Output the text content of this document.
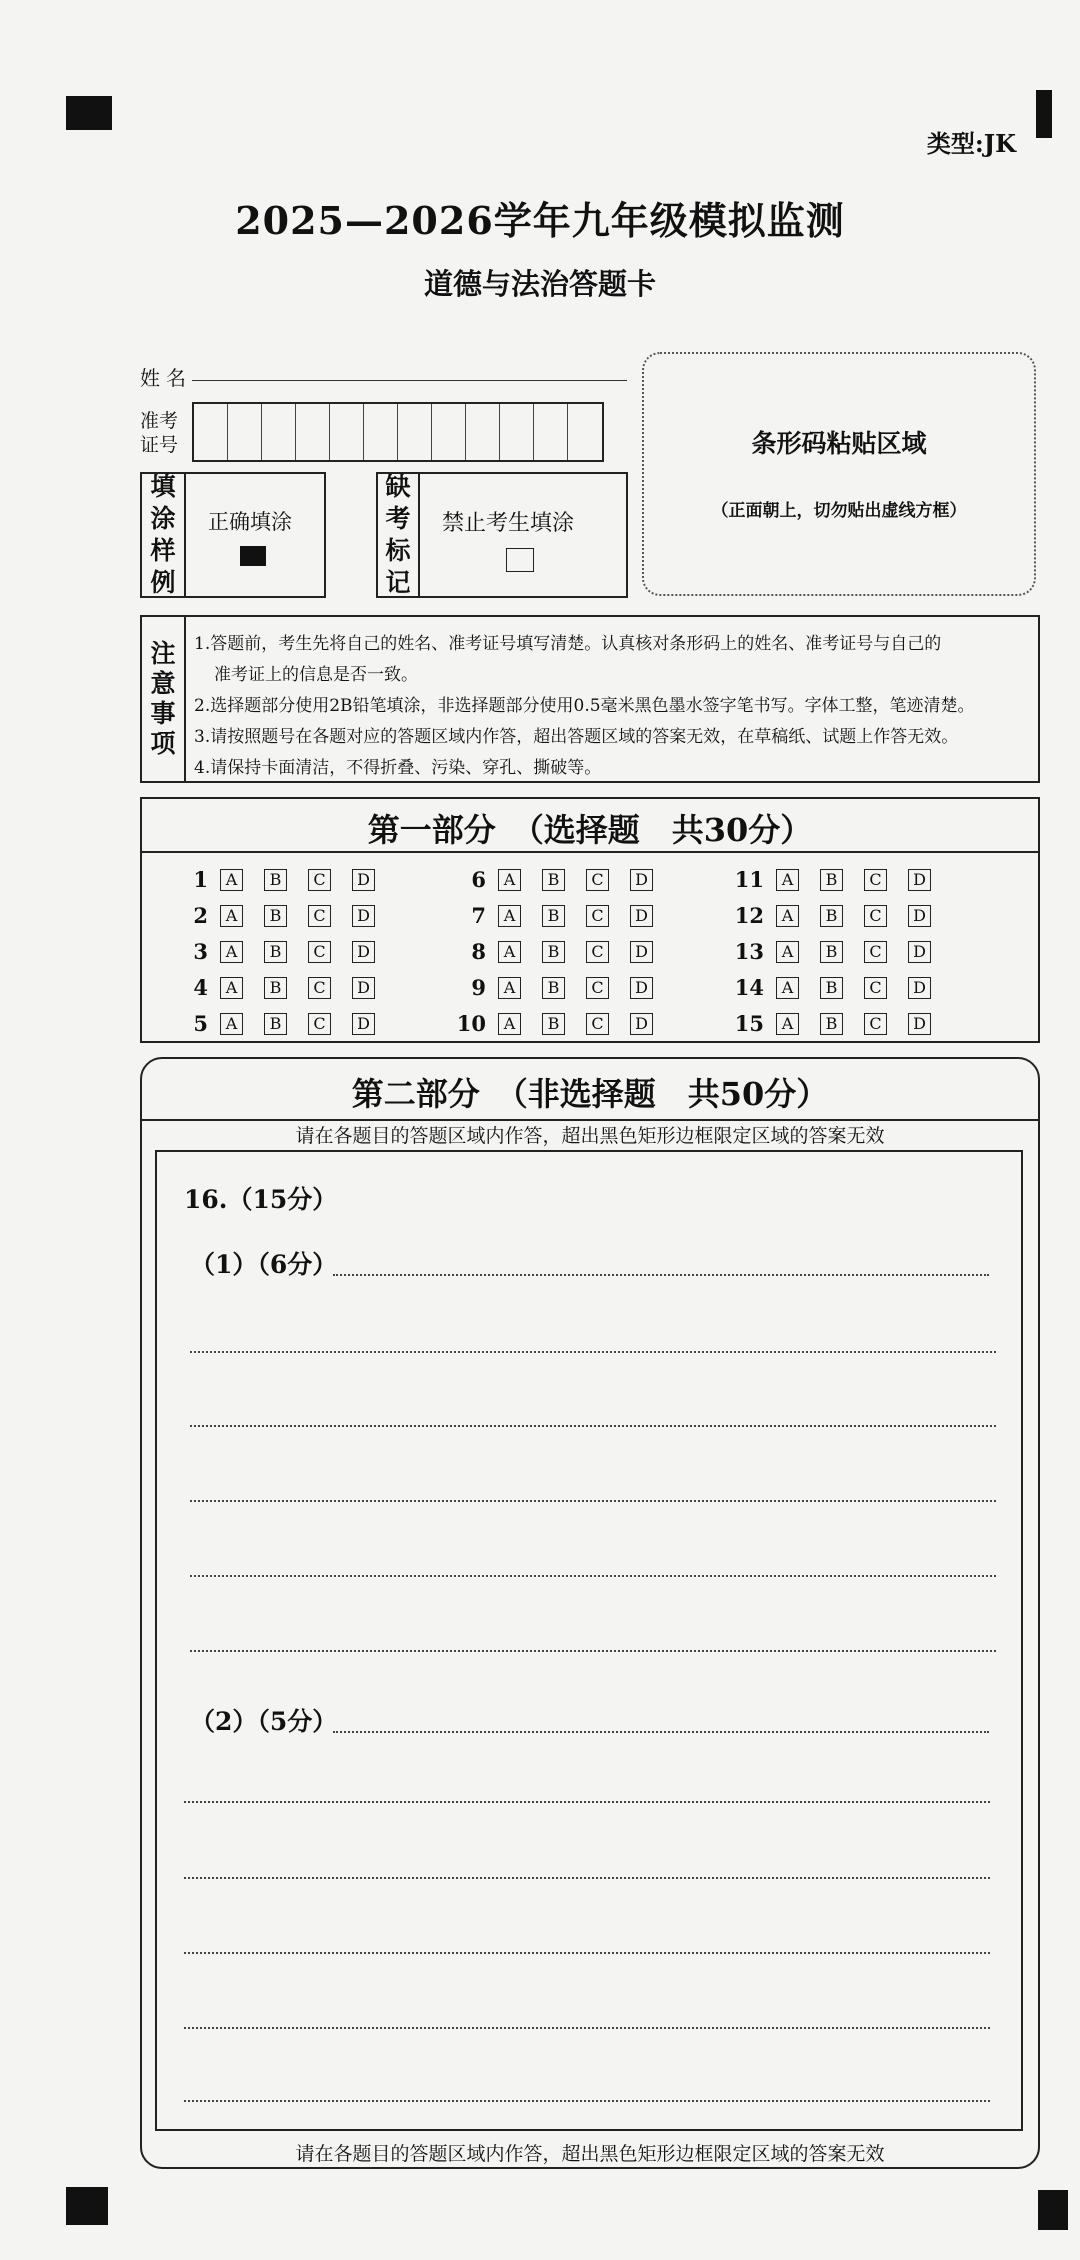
类型:JK
2025—2026学年九年级模拟监测
道德与法治答题卡
姓名
准考
证号
填
涂
样
例
正确填涂
缺
考
标
记
禁止考生填涂
条形码粘贴区域
（正面朝上，切勿贴出虚线方框）
注
意
事
项
1.答题前，考生先将自己的姓名、准考证号填写清楚。认真核对条形码上的姓名、准考证号与自己的
准考证上的信息是否一致。
2.选择题部分使用2B铅笔填涂，非选择题部分使用0.5毫米黑色墨水签字笔书写。字体工整，笔迹清楚。
3.请按照题号在各题对应的答题区域内作答，超出答题区域的答案无效，在草稿纸、试题上作答无效。
4.请保持卡面清洁，不得折叠、污染、穿孔、撕破等。
第一部分　（选择题　共30分）
1	A	B	C	D
2	A	B	C	D
3	A	B	C	D
4	A	B	C	D
5	A	B	C	D
6	A	B	C	D
7	A	B	C	D
8	A	B	C	D
9	A	B	C	D
10	A	B	C	D
11	A	B	C	D
12	A	B	C	D
13	A	B	C	D
14	A	B	C	D
15	A	B	C	D
第二部分　（非选择题　共50分）
请在各题目的答题区域内作答，超出黑色矩形边框限定区域的答案无效
请在各题目的答题区域内作答，超出黑色矩形边框限定区域的答案无效
16.（15分）
（1）（6分）
（2）（5分）
